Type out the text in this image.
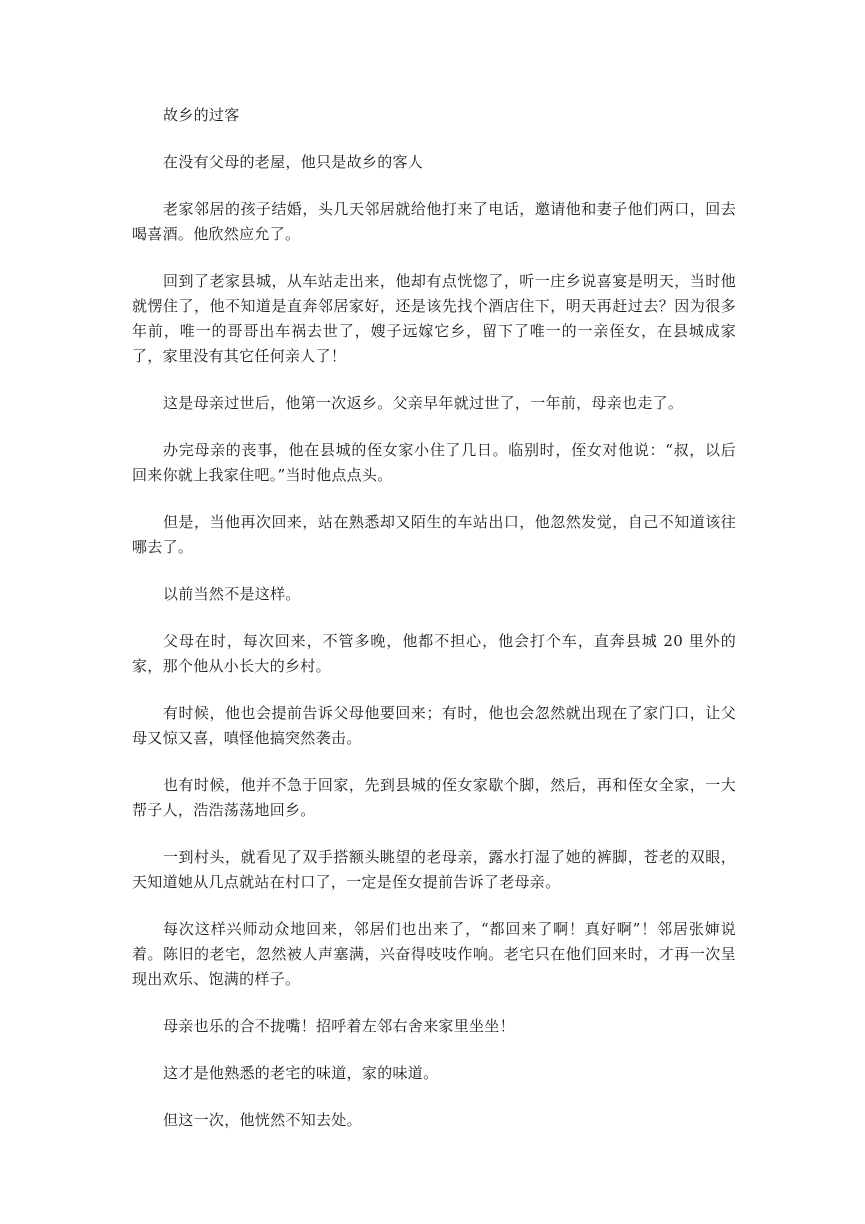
故乡的过客

在没有父母的老屋，他只是故乡的客人

老家邻居的孩子结婚，头几天邻居就给他打来了电话，邀请他和妻子他们两口，回去喝喜酒。他欣然应允了。

回到了老家县城，从车站走出来，他却有点恍惚了，听一庄乡说喜宴是明天，当时他就愣住了，他不知道是直奔邻居家好，还是该先找个酒店住下，明天再赶过去？因为很多年前，唯一的哥哥出车祸去世了，嫂子远嫁它乡，留下了唯一的一亲侄女，在县城成家了，家里没有其它任何亲人了！

这是母亲过世后，他第一次返乡。父亲早年就过世了，一年前，母亲也走了。

办完母亲的丧事，他在县城的侄女家小住了几日。临别时，侄女对他说：“叔，以后回来你就上我家住吧。”当时他点点头。

但是，当他再次回来，站在熟悉却又陌生的车站出口，他忽然发觉，自己不知道该往哪去了。

以前当然不是这样。

父母在时，每次回来，不管多晚，他都不担心，他会打个车，直奔县城 20 里外的家，那个他从小长大的乡村。

有时候，他也会提前告诉父母他要回来；有时，他也会忽然就出现在了家门口，让父母又惊又喜，嗔怪他搞突然袭击。

也有时候，他并不急于回家，先到县城的侄女家歇个脚，然后，再和侄女全家，一大帮子人，浩浩荡荡地回乡。

一到村头，就看见了双手搭额头眺望的老母亲，露水打湿了她的裤脚，苍老的双眼，天知道她从几点就站在村口了，一定是侄女提前告诉了老母亲。

每次这样兴师动众地回来，邻居们也出来了，“都回来了啊！真好啊”！邻居张婶说着。陈旧的老宅，忽然被人声塞满，兴奋得吱吱作响。老宅只在他们回来时，才再一次呈现出欢乐、饱满的样子。

母亲也乐的合不拢嘴！招呼着左邻右舍来家里坐坐！

这才是他熟悉的老宅的味道，家的味道。

但这一次，他恍然不知去处。
